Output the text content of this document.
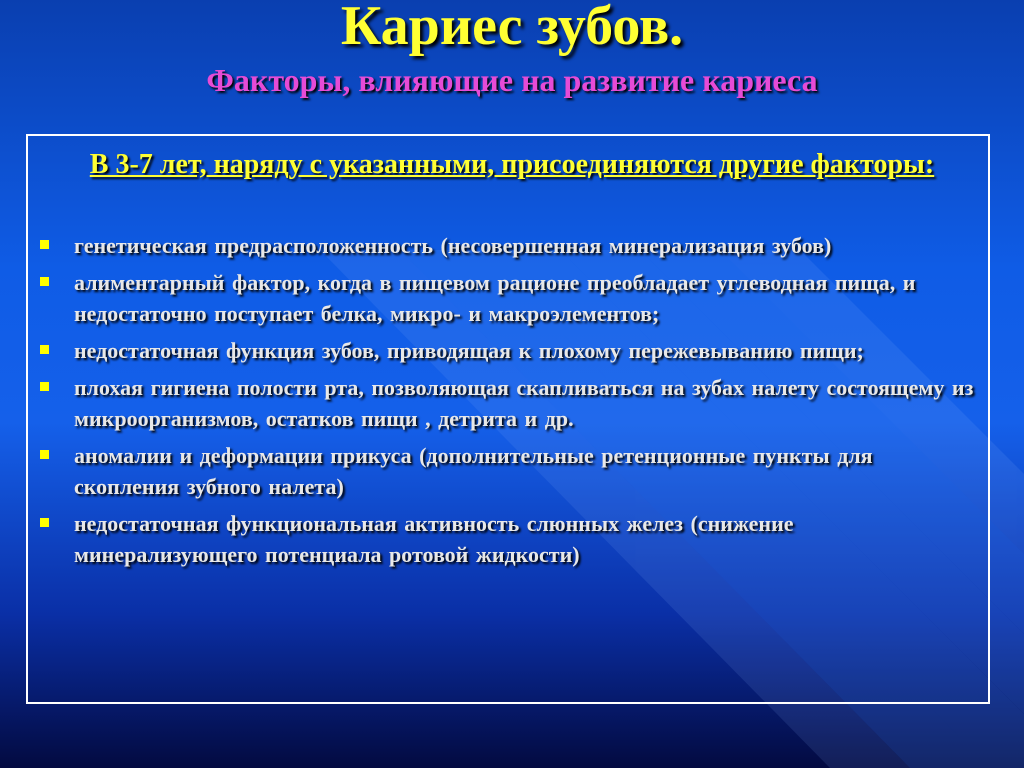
Кариес зубов.
Факторы, влияющие на развитие кариеса
В 3-7 лет, наряду с указанными, присоединяются другие факторы:
генетическая предрасположенность (несовершенная минерализация зубов)
алиментарный фактор, когда в пищевом рационе преобладает углеводная пища, и недостаточно поступает белка, микро- и макроэлементов;
недостаточная функция зубов, приводящая к плохому пережевыванию пищи;
плохая гигиена полости рта, позволяющая скапливаться на зубах налету состоящему из микроорганизмов, остатков пищи , детрита и др.
аномалии и деформации прикуса (дополнительные ретенционные пункты для скопления зубного налета)
недостаточная функциональная активность слюнных желез (снижение минерализующего потенциала ротовой жидкости)
